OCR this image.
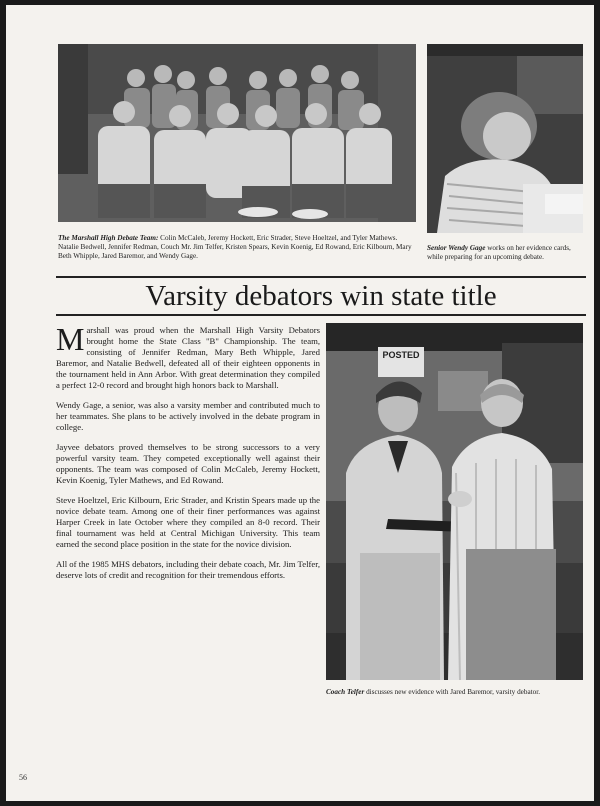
The Marshall High Debate Team: Colin McCaleb, Jeremy Hockett, Eric Strader, Steve Hoeltzel, and Tyler Mathews. Natalie Bedwell, Jennifer Redman, Couch Mr. Jim Telfer, Kristen Spears, Kevin Koenig, Ed Rowand, Eric Kilbourn, Mary Beth Whipple, Jared Baremor, and Wendy Gage.
Senior Wendy Gage works on her evidence cards, while preparing for an upcoming debate.
Varsity debators win state title

Marshall was proud when the Marshall High Varsity Debators brought home the State Class "B" Championship. The team, consisting of Jennifer Redman, Mary Beth Whipple, Jared Baremor, and Natalie Bedwell, defeated all of their eighteen opponents in the tournament held in Ann Arbor. With great determination they compiled a perfect 12-0 record and brought high honors back to Marshall.

Wendy Gage, a senior, was also a varsity member and contributed much to her teammates. She plans to be actively involved in the debate program in college.

Jayvee debators proved themselves to be strong successors to a very powerful varsity team. They competed exceptionally well against their opponents. The team was composed of Colin McCaleb, Jeremy Hockett, Kevin Koenig, Tyler Mathews, and Ed Rowand.

Steve Hoeltzel, Eric Kilbourn, Eric Strader, and Kristin Spears made up the novice debate team. Among one of their finer performances was against Harper Creek in late October where they compiled an 8-0 record. Their final tournament was held at Central Michigan University. This team earned the second place position in the state for the novice division.

All of the 1985 MHS debators, including their debate coach, Mr. Jim Telfer, deserve lots of credit and recognition for their tremendous efforts.

POSTED
Coach Telfer discusses new evidence with Jared Baremor, varsity debator.
56
